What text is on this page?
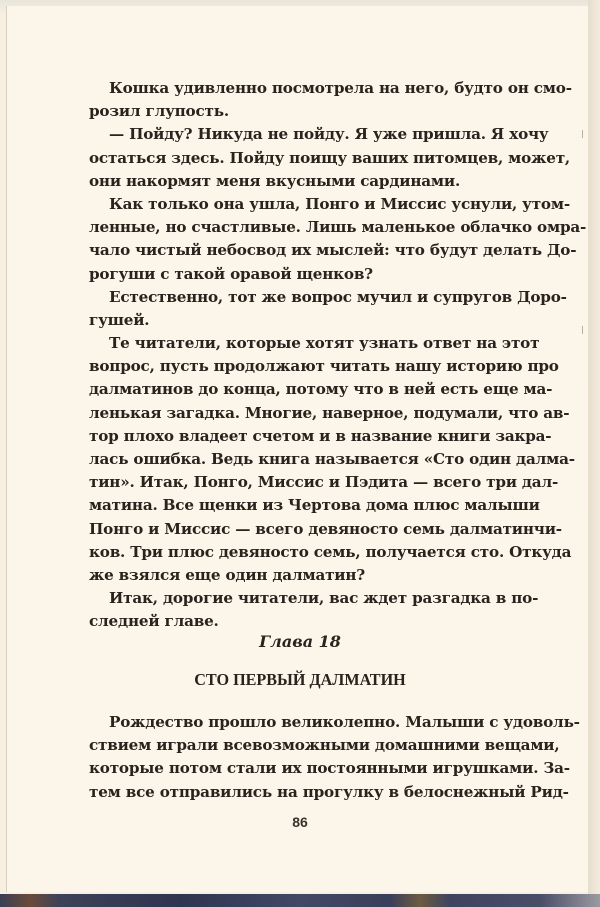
Кошка удивленно посмотрела на него, будто он смо-
розил глупость.
— Пойду? Никуда не пойду. Я уже пришла. Я хочу
остаться здесь. Пойду поищу ваших питомцев, может,
они накормят меня вкусными сардинами.
Как только она ушла, Понго и Миссис уснули, утом-
ленные, но счастливые. Лишь маленькое облачко омра-
чало чистый небосвод их мыслей: что будут делать До-
рогуши с такой оравой щенков?
Естественно, тот же вопрос мучил и супругов Доро-
гушей.
Те читатели, которые хотят узнать ответ на этот
вопрос, пусть продолжают читать нашу историю про
далматинов до конца, потому что в ней есть еще ма-
ленькая загадка. Многие, наверное, подумали, что ав-
тор плохо владеет счетом и в название книги закра-
лась ошибка. Ведь книга называется «Сто один далма-
тин». Итак, Понго, Миссис и Пэдита — всего три дал-
матина. Все щенки из Чертова дома плюс малыши
Понго и Миссис — всего девяносто семь далматинчи-
ков. Три плюс девяносто семь, получается сто. Откуда
же взялся еще один далматин?
Итак, дорогие читатели, вас ждет разгадка в по-
следней главе.
Глава 18
СТО ПЕРВЫЙ ДАЛМАТИН
Рождество прошло великолепно. Малыши с удоволь-
ствием играли всевозможными домашними вещами,
которые потом стали их постоянными игрушками. За-
тем все отправились на прогулку в белоснежный Рид-
86
